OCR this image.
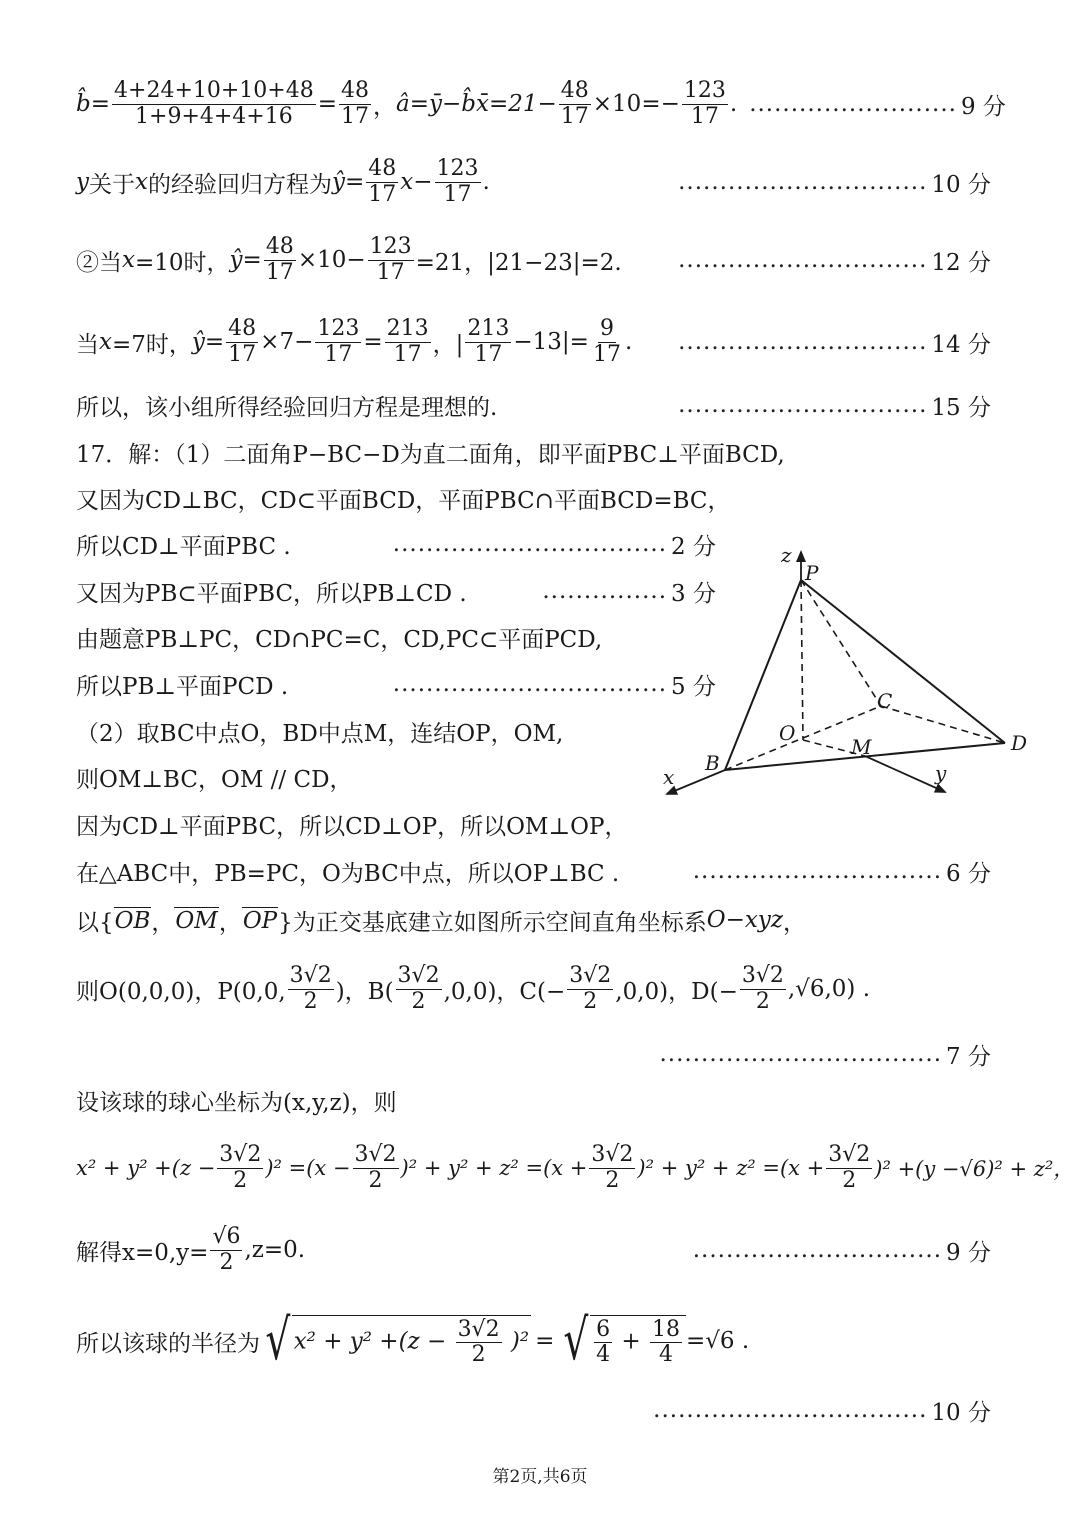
b̂ = $\frac{4+24+10+10+48}{1+9+4+4+16} = \frac{48}{17}$ ， â =ȳ−b̂x̄=21− $\frac{48}{17} \times 10=- \frac{123}{17}$ . ......................... 9 分
y 关于 x 的经验回归方程为 ŷ = $\frac{48}{17}$ $x - \frac{123}{17}$ .	.............................. 10 分
②当 x =10时， ŷ = $\frac{48}{17} \times 10- \frac{123}{17} =21$，|21−23|=2. .............................. 12 分
当 x =7时， ŷ = $\frac{48}{17} \times 7- \frac{123}{17} = \frac{213}{17}$ ，| $\frac{213}{17} -13|= \frac{9}{17}$ . .............................. 14 分
所以，该小组所得经验回归方程是理想的.	.............................. 15 分
17．解：（1）二面角P−BC−D为直二面角，即平面PBC⊥平面BCD,
又因为CD⊥BC，CD⊂平面BCD，平面PBC∩平面BCD=BC，
所以CD⊥平面PBC .	................................. 2 分
又因为PB⊂平面PBC，所以PB⊥CD .	............... 3 分
由题意PB⊥PC，CD∩PC=C，CD,PC⊂平面PCD,
所以PB⊥平面PCD .	................................. 5 分
（2）取BC中点O，BD中点M，连结OP，OM,
则OM⊥BC，OM // CD，
因为CD⊥平面PBC，所以CD⊥OP，所以OM⊥OP，
在△ABC中，PB=PC，O为BC中点，所以OP⊥BC .	.............................. 6 分
以{ OB ， OM ， OP }为正交基底建立如图所示空间直角坐标系 O−xyz ，
则O(0,0,0)，P(0,0, $\frac{3√2}{2}$ )，$B( \frac{3√2}{2} ,0,0)$，$C(- \frac{3√2}{2} ,0,0)$，$D(- \frac{3√2}{2} ,√6,0)$ .
.................................. 7 分
设该球的球心坐标为(x,y,z)，则
$x^2 + y^2 +(z - \frac{3√2}{2} )^2 =(x - \frac{3√2}{2} )^2 + y^2 + z^2 =(x + \frac{3√2}{2} )^2 + y^2 + z^2 =(x + \frac{3√2}{2} )^2 +(y -√6)^2 + z^2$，
解得$x=0,y= \frac{√6}{2} ,z=0$.	.............................. 9 分
所以该球的半径为 √ $x^2 + y^2 +(z - \frac{3√2}{2} )^2$ = √ $\frac{6}{4} + \frac{18}{4} =√6$ .
................................. 10 分
z
P
C
O
M	D
B
x	y
第2页,共6页
